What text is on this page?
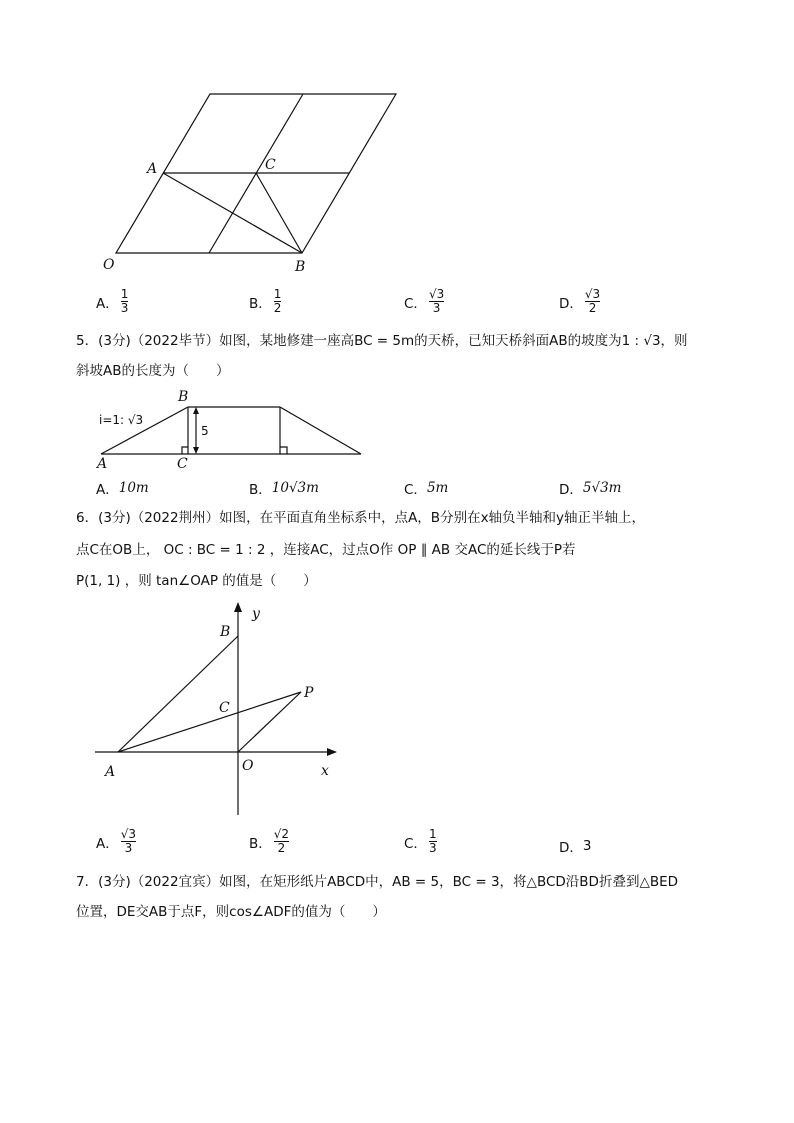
A	C
O	B
A． $\frac{1}{3}$	B． $\frac{1}{2}$	C． $\frac{√3}{3}$	D． $\frac{√3}{2}$
5．(3分)（2022毕节）如图，某地修建一座高BC = 5m的天桥，已知天桥斜面AB的坡度为1 : √3，则
斜坡AB的长度为（　　）
i=1: √3
5
B
A	C
A． 10m	B． 10√3m	C． 5m	D． 5√3m
6．(3分)（2022荆州）如图，在平面直角坐标系中，点A，B分别在x轴负半轴和y轴正半轴上，
点C在OB上， OC : BC = 1 : 2 ，连接AC，过点O作 OP ∥ AB 交AC的延长线于P若
P(1, 1) ，则 tan∠OAP 的值是（　　）
B
y
C
P
A	O	x
A． $\frac{√3}{3}$	B． $\frac{√2}{2}$	C． $\frac{1}{3}$	D． 3
7．(3分)（2022宜宾）如图，在矩形纸片ABCD中，AB = 5，BC = 3，将△BCD沿BD折叠到△BED
位置，DE交AB于点F，则cos∠ADF的值为（　　）
